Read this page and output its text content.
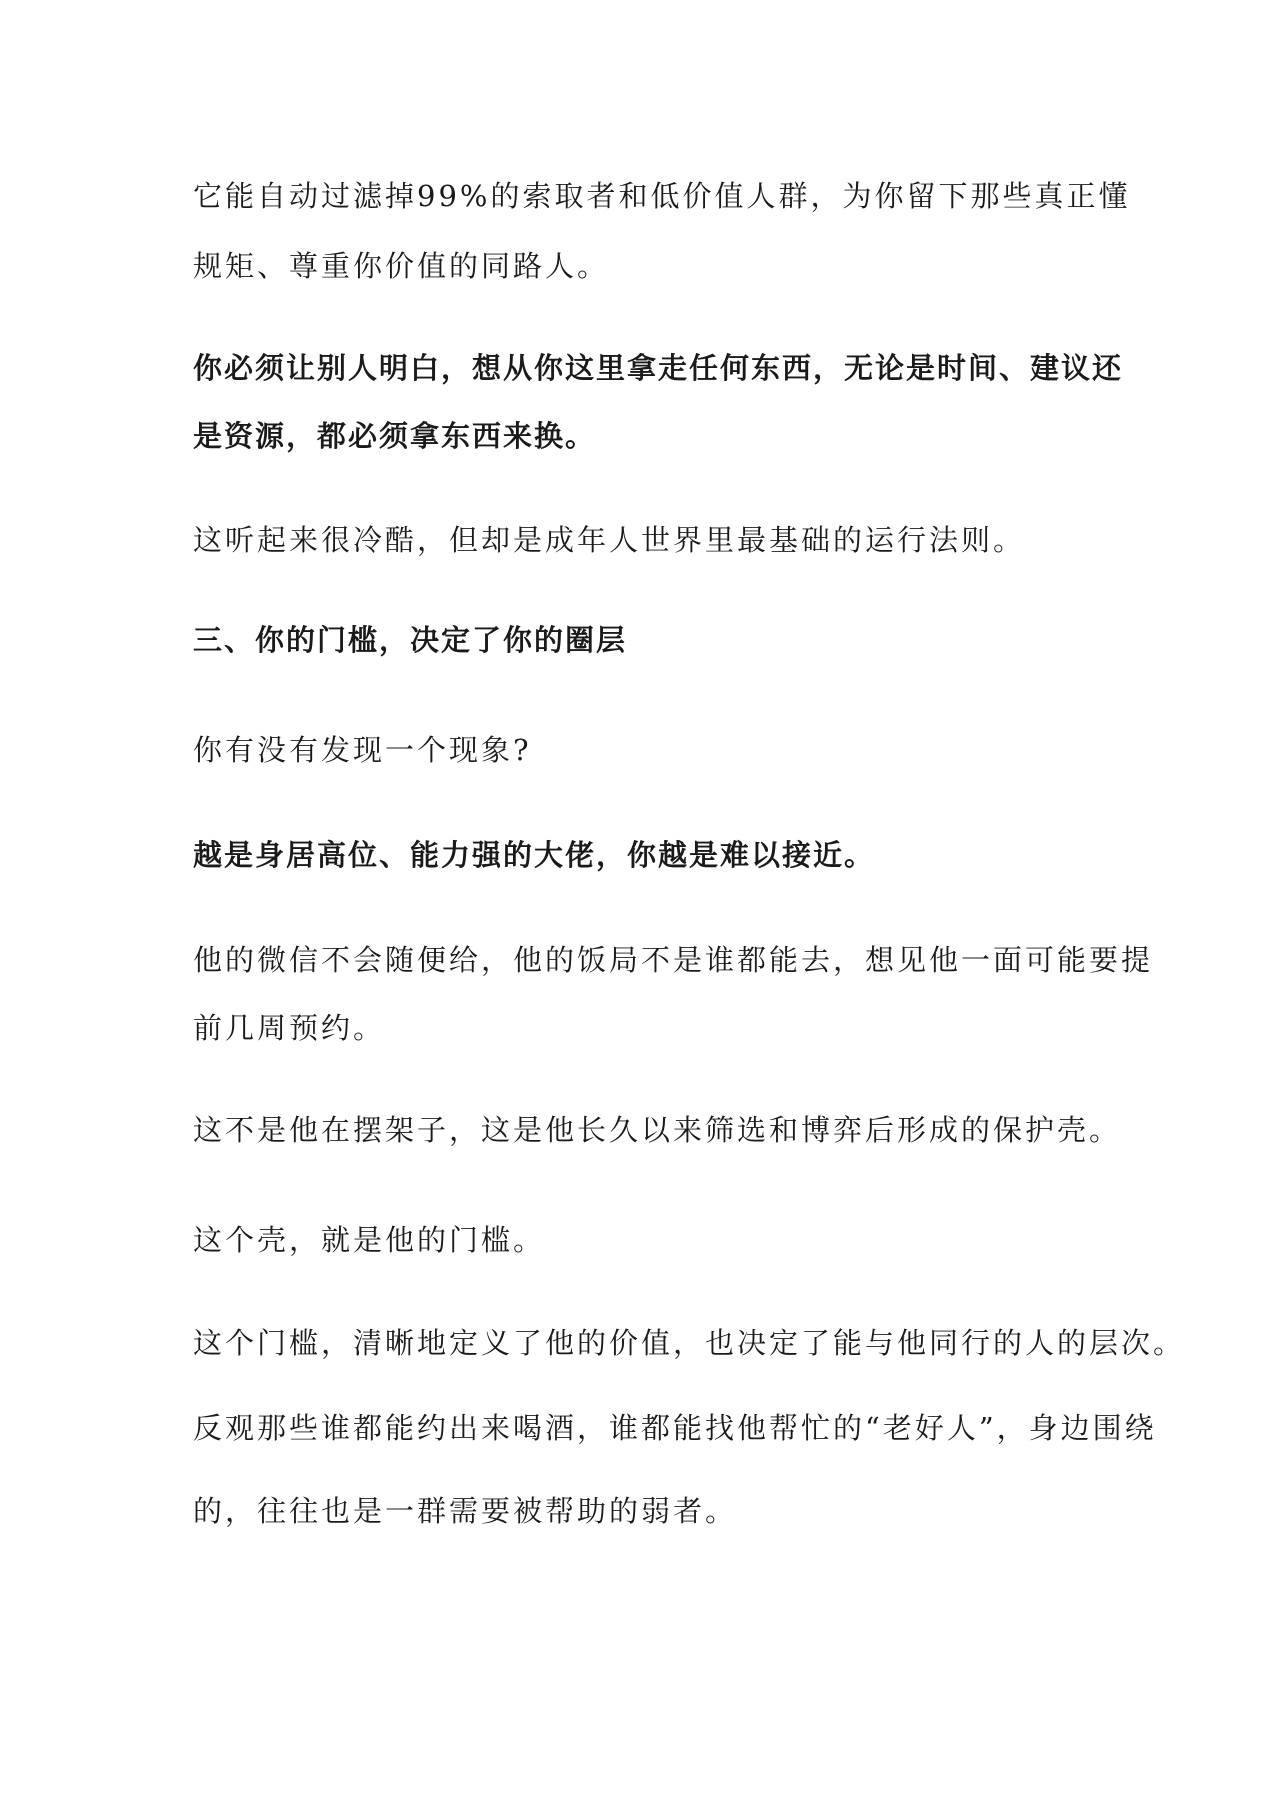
它能自动过滤掉99%的索取者和低价值人群，为你留下那些真正懂
规矩、尊重你价值的同路人。
你必须让别人明白，想从你这里拿走任何东西，无论是时间、建议还
是资源，都必须拿东西来换。
这听起来很冷酷，但却是成年人世界里最基础的运行法则。
三、你的门槛，决定了你的圈层
你有没有发现一个现象?
越是身居高位、能力强的大佬，你越是难以接近。
他的微信不会随便给，他的饭局不是谁都能去，想见他一面可能要提
前几周预约。
这不是他在摆架子，这是他长久以来筛选和博弈后形成的保护壳。
这个壳，就是他的门槛。
这个门槛，清晰地定义了他的价值，也决定了能与他同行的人的层次。
反观那些谁都能约出来喝酒，谁都能找他帮忙的“老好人”，身边围绕
的，往往也是一群需要被帮助的弱者。
